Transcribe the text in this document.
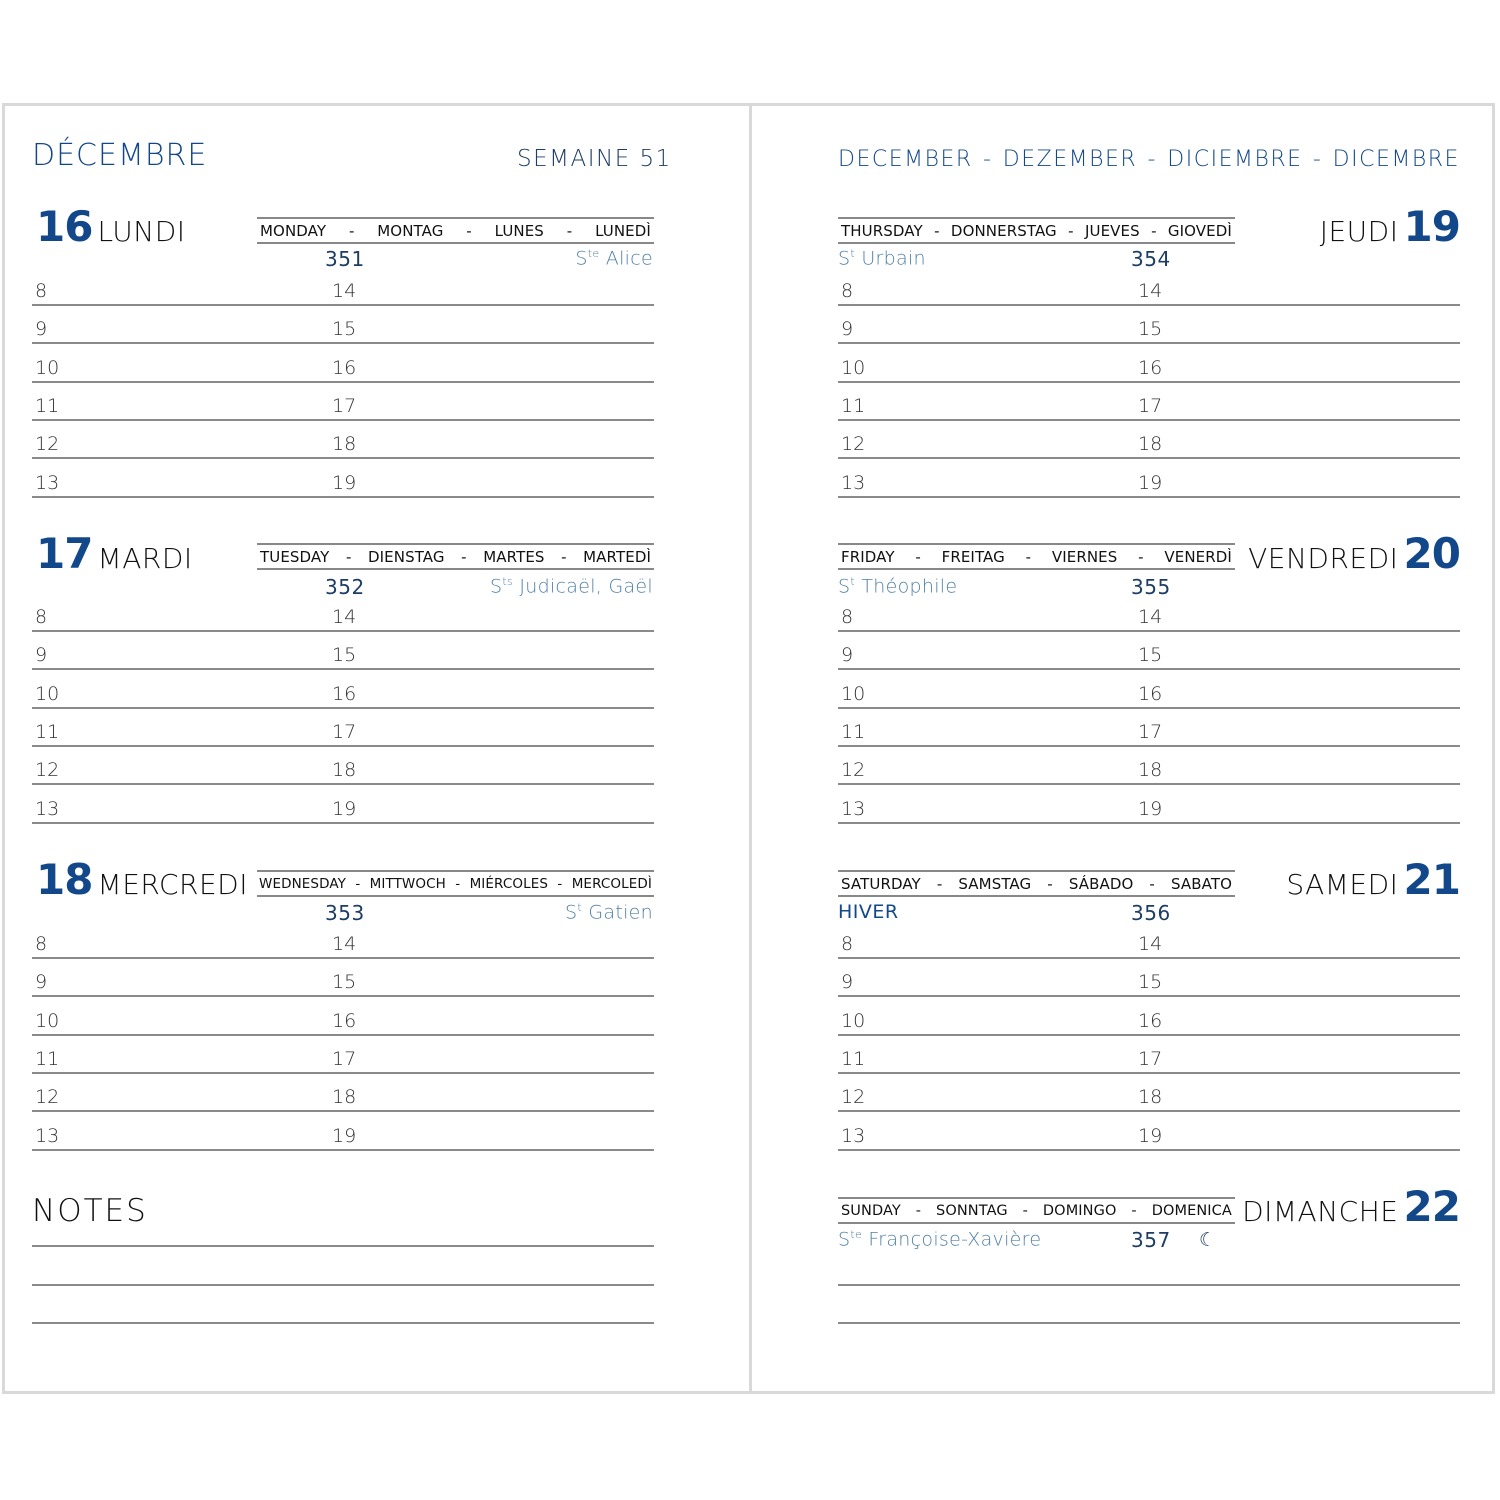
DÉCEMBRE	SEMAINE 51
16 LUNDI	MONDAY - MONTAG - LUNES - LUNEDÌ
351	$S^{te}$ Alice
17 MARDI	TUESDAY - DIENSTAG - MARTES - MARTEDÌ
352	$S^{ts}$ Judicaël, Gaël
18 MERCREDI WEDNESDAY - MITTWOCH - MIÉRCOLES - MERCOLEDÌ
353	$S^t$ Gatien
8	14
9	15
10	16
11	17
12	18
13	19
8	14
9	15
10	16
11	17
12	18
13	19
8	14
9	15
10	16
11	17
12	18
13	19
NOTES
DECEMBER - DEZEMBER - DICIEMBRE - DICEMBRE
JEUDI 19
THURSDAY - DONNERSTAG - JUEVES - GIOVEDÌ
$S^t$ Urbain	354
VENDREDI 20
FRIDAY - FREITAG - VIERNES - VENERDÌ
$S^t$ Théophile	355
SAMEDI 21
SATURDAY - SAMSTAG - SÁBADO - SABATO
HIVER	356
DIMANCHE 22
SUNDAY - SONNTAG - DOMINGO - DOMENICA
$S^{te}$ Françoise-Xavière	357 ☾
8	14
9	15
10	16
11	17
12	18
13	19
8	14
9	15
10	16
11	17
12	18
13	19
8	14
9	15
10	16
11	17
12	18
13	19
